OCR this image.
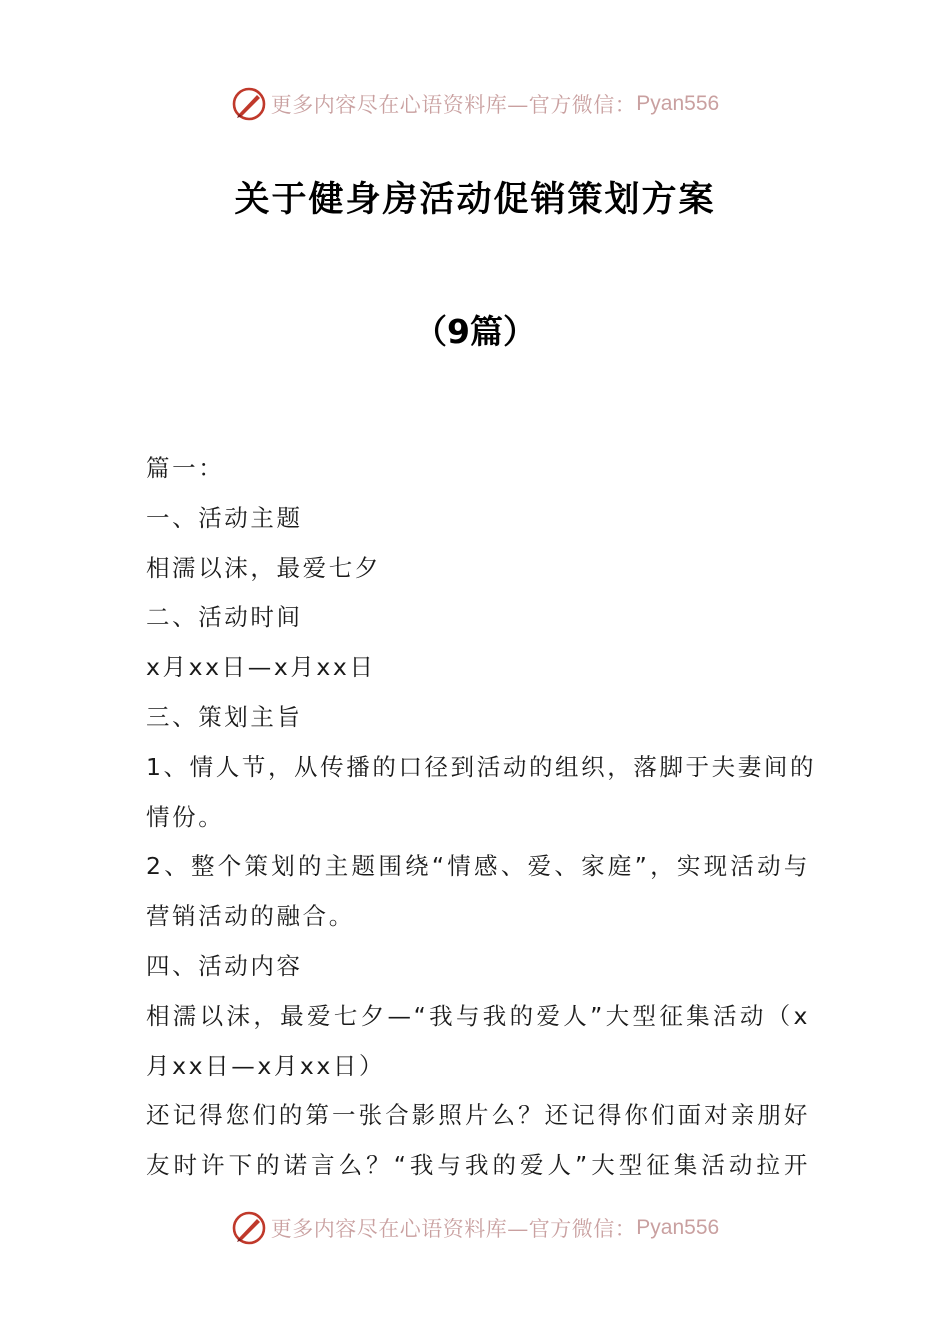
更多内容尽在心语资料库—官方微信： Pyan556
关于健身房活动促销策划方案
（9篇）
篇一：
一、活动主题
相濡以沫，最爱七夕
二、活动时间
x月xx日—x月xx日
三、策划主旨
1、情人节，从传播的口径到活动的组织，落脚于夫妻间的
情份。
2、整个策划的主题围绕“情感、爱、家庭”，实现活动与
营销活动的融合。
四、活动内容
相濡以沫，最爱七夕—“我与我的爱人”大型征集活动（x
月xx日—x月xx日）
还记得您们的第一张合影照片么？还记得你们面对亲朋好
友时许下的诺言么？“我与我的爱人”大型征集活动拉开
更多内容尽在心语资料库—官方微信： Pyan556
